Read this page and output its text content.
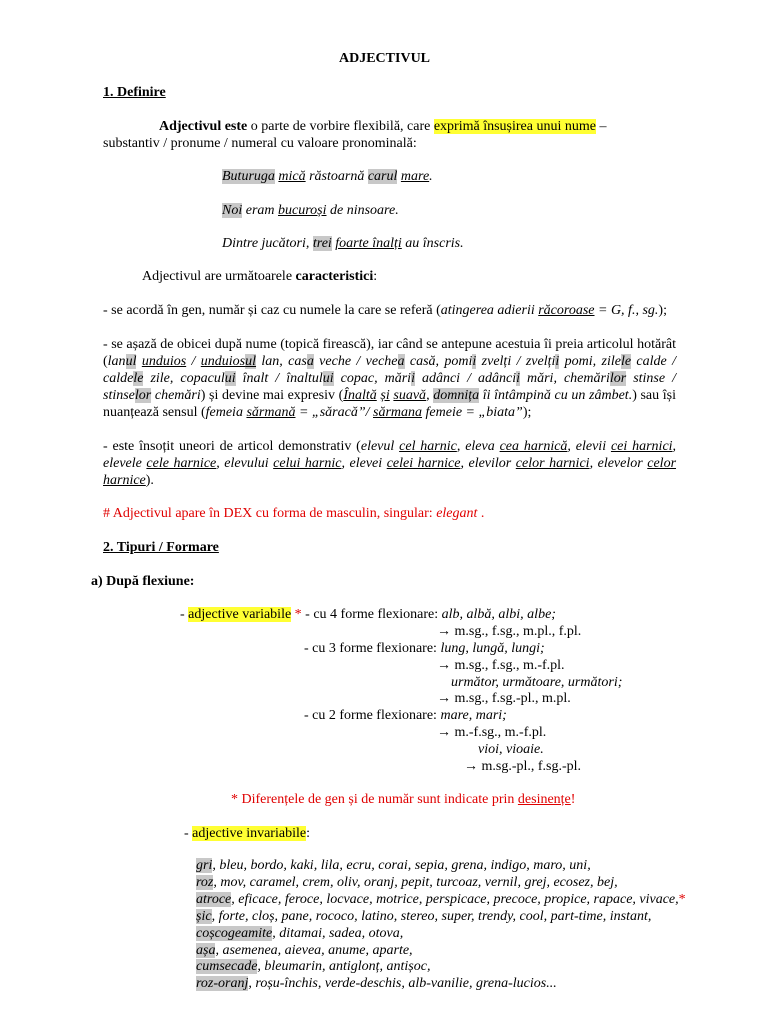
ADJECTIVUL
1. Definire
Adjectivul este o parte de vorbire flexibilă, care exprimă însușirea unui nume –
substantiv / pronume / numeral cu valoare pronominală:
Buturuga mică răstoarnă carul mare.
Noi eram bucuroși de ninsoare.
Dintre jucători, trei foarte înalți au înscris.
Adjectivul are următoarele caracteristici:
- se acordă în gen, număr și caz cu numele la care se referă (atingerea adierii răcoroase = G, f., sg.);
- se așază de obicei după nume (topică firească), iar când se antepune acestuia îi preia articolul hotărât (lanul unduios / unduiosul lan, casa veche / vechea casă, pomii zvelți / zvelții pomi, zilele calde / caldele zile, copacului înalt / înaltului copac, mării adânci / adâncii mări, chemărilor stinse / stinselor chemări) și devine mai expresiv (Înaltă și suavă, domnița îi întâmpină cu un zâmbet.) sau își nuanțează sensul (femeia sărmană = „săracă”/ sărmana femeie = „biata”);
- este însoțit uneori de articol demonstrativ (elevul cel harnic, eleva cea harnică, elevii cei harnici, elevele cele harnice, elevului celui harnic, elevei celei harnice, elevilor celor harnici, elevelor celor harnice).
# Adjectivul apare în DEX cu forma de masculin, singular: elegant .
2. Tipuri / Formare
a) După flexiune:
- adjective variabile * - cu 4 forme flexionare: alb, albă, albi, albe;
→ m.sg., f.sg., m.pl., f.pl.
- cu 3 forme flexionare: lung, lungă, lungi;
→ m.sg., f.sg., m.-f.pl.
următor, următoare, următori;
→ m.sg., f.sg.-pl., m.pl.
- cu 2 forme flexionare: mare, mari;
→ m.-f.sg., m.-f.pl.
vioi, vioaie.
→ m.sg.-pl., f.sg.-pl.
* Diferențele de gen și de număr sunt indicate prin desinențe!
- adjective invariabile:
gri, bleu, bordo, kaki, lila, ecru, corai, sepia, grena, indigo, maro, uni,
roz, mov, caramel, crem, oliv, oranj, pepit, turcoaz, vernil, grej, ecosez, bej,
atroce, eficace, feroce, locvace, motrice, perspicace, precoce, propice, rapace, vivace,*
șic, forte, cloș, pane, rococo, latino, stereo, super, trendy, cool, part-time, instant,
coșcogeamite, ditamai, sadea, otova,
așa, asemenea, aievea, anume, aparte,
cumsecade, bleumarin, antiglonț, antișoc,
roz-oranj, roșu-închis, verde-deschis, alb-vanilie, grena-lucios...
